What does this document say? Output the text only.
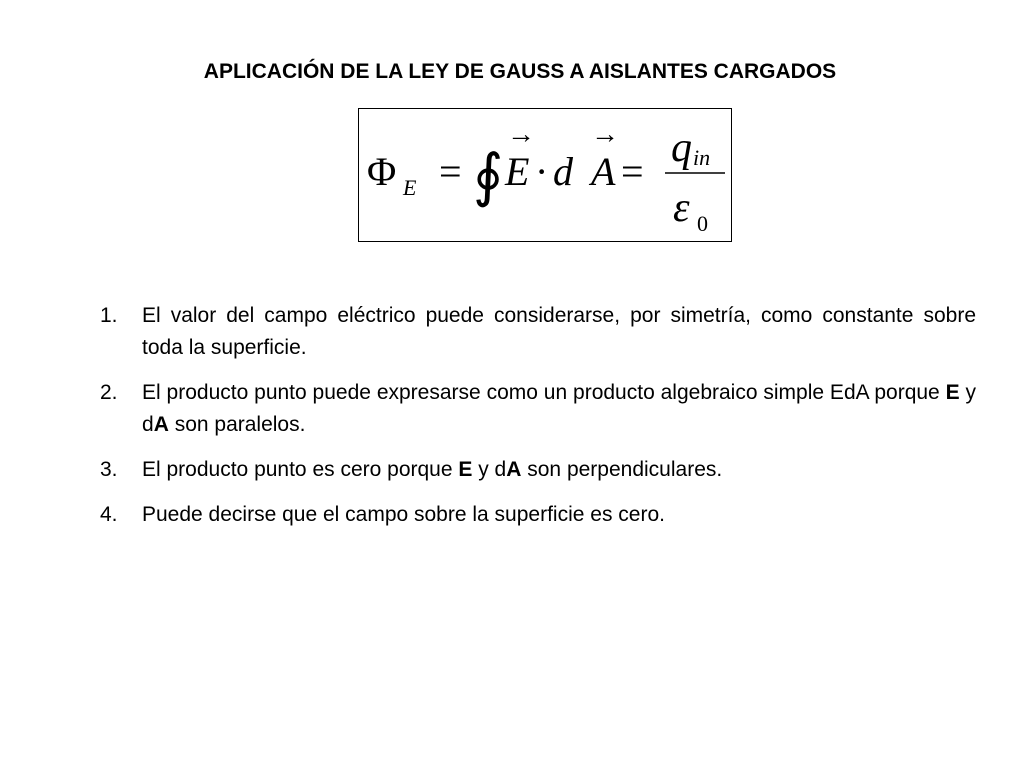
APLICACIÓN DE LA LEY DE GAUSS A AISLANTES CARGADOS
Φ E = ∮
→
E · d
→
A =
q in
ε 0
1. El valor del campo eléctrico puede considerarse, por simetría, como constante sobre toda la superficie.
2. El producto punto puede expresarse como un producto algebraico simple EdA porque E y dA son paralelos.
3. El producto punto es cero porque E y dA son perpendiculares.
4. Puede decirse que el campo sobre la superficie es cero.
